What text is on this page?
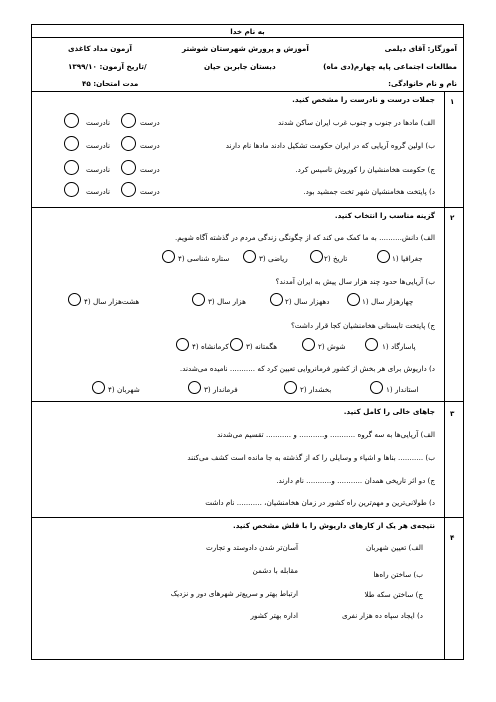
به نام خدا
آموزگار: آقای دیلمی
آموزش و پرورش شهرستان شوشتر
آزمون مداد کاغذی
مطالعات اجتماعی پایه چهارم(دی ماه)
دبستان جابربن حیان
تاریخ آزمون: ۱۳۹۹/۱۰/
نام و نام خانوادگی:
مدت امتحان: ۴۵
۱
جملات درست و نادرست را مشخص کنید.
الف) مادها در جنوب و جنوب غرب ایران ساکن شدند
درست
نادرست
ب) اولین گروه آریایی که در ایران حکومت تشکیل دادند مادها نام دارند
درست
نادرست
ج) حکومت هخامنشیان را کوروش تاسیس کرد.
درست
نادرست
د) پایتخت هخامنشیان شهر تخت جمشید بود.
درست
نادرست
۲
گزینه مناسب را انتخاب کنید.
الف) دانش.......... به ما کمک می کند که از چگونگی زندگی مردم در گذشته آگاه شویم.
۱) جغرافیا
۲) تاریخ
۳) ریاضی
۴) ستاره شناسی
ب) آریایی‌ها حدود چند هزار سال پیش به ایران آمدند؟
۱) چهارهزار سال
۲) دههزار سال
۳) هزار سال
۴) هشت‌هزار سال
ج) پایتخت تابستانی هخامنشیان کجا قرار داشت؟
۱) پاسارگاد
۲) شوش
۳) هگمتانه
۴) کرمانشاه
د) داریوش برای هر بخش از کشور فرمانروایی تعیین کرد که ........... نامیده می‌شدند.
۱) استاندار
۲) بخشدار
۳) فرماندار
۴) شهربان
۳
جاهای خالی را کامل کنید.
الف) آریایی‌ها به سه گروه ........... و........... و ........... تقسیم می‌شدند
ب) ........... بناها و اشیاء و وسایلی را که از گذشته به جا مانده است کشف می‌کنند
ج) دو اثر تاریخی همدان ........... و........... نام دارند.
د) طولانی‌ترین و مهم‌ترین راه کشور در زمان هخامنشیان، ........... نام داشت
۴
نتیجه‌ی هر یک از کارهای داریوش را با فلش مشخص کنید.
الف) تعیین شهربان
ب) ساختن راه‌ها
ج) ساختن سکه طلا
د) ایجاد سپاه ده هزار نفری
آسان‌تر شدن دادوستد و تجارت
مقابله با دشمن
ارتباط بهتر و سریع‌تر شهرهای دور و نزدیک
اداره بهتر کشور
